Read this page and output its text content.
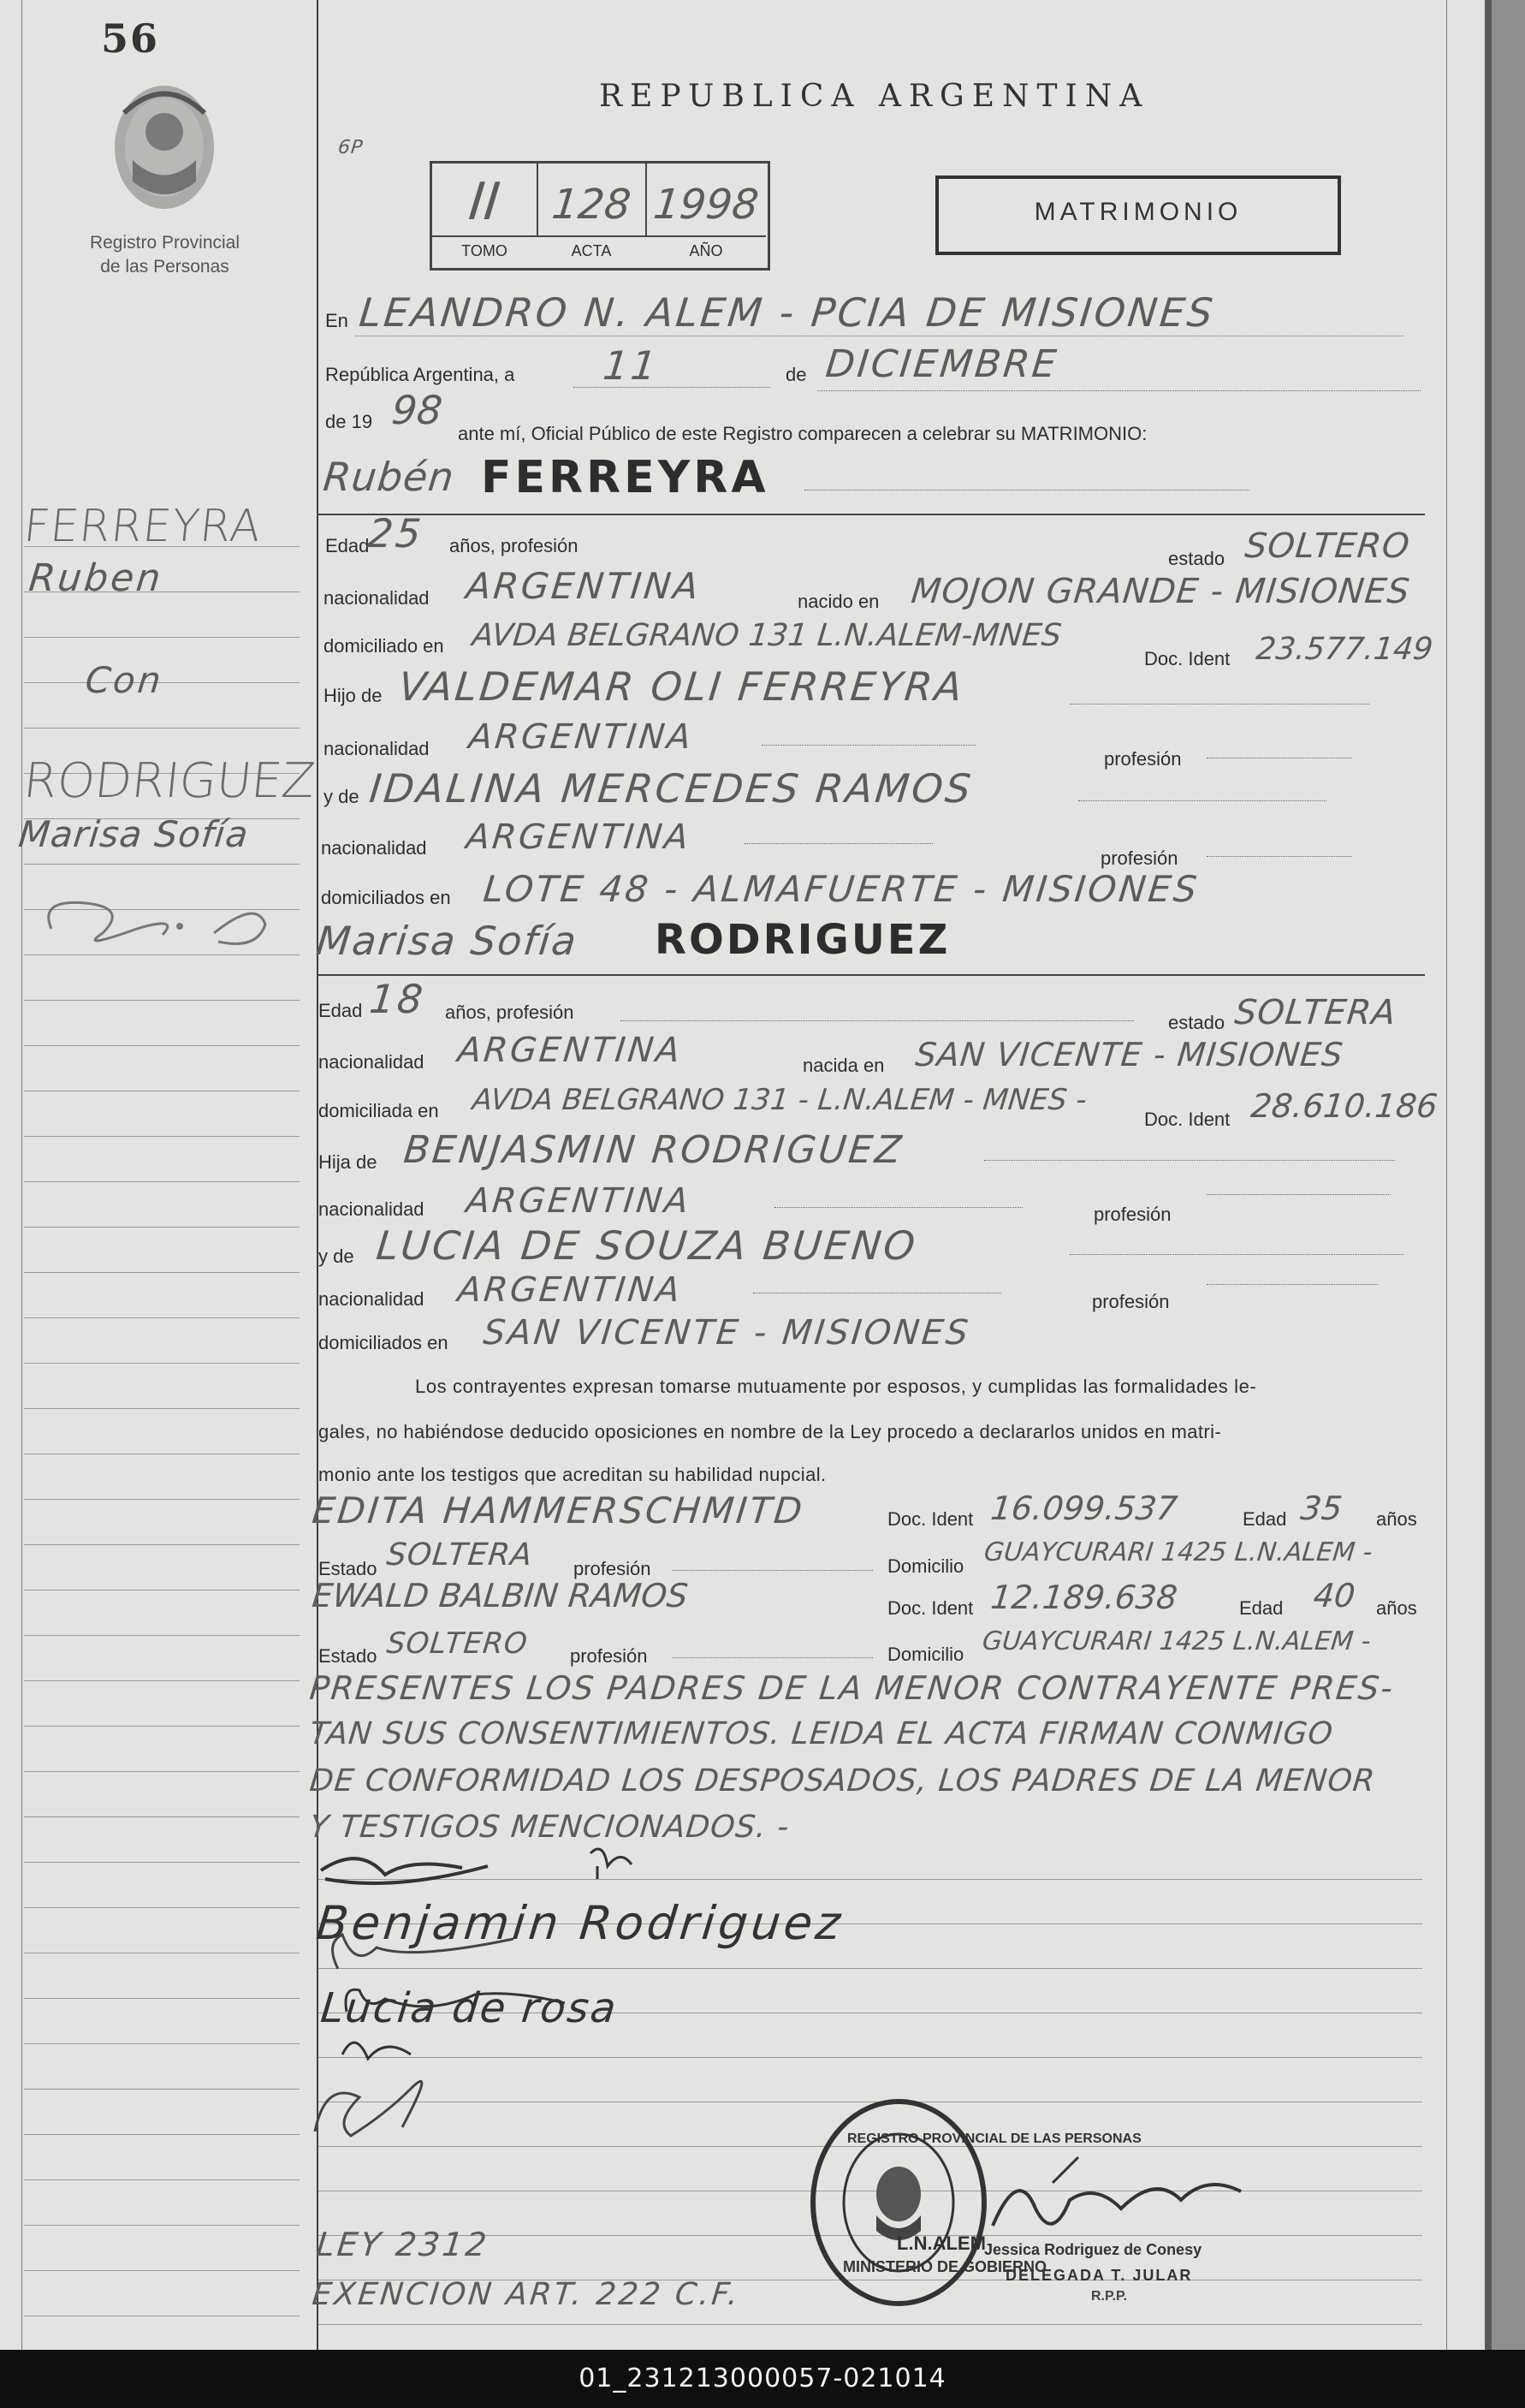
56
Registro Provincial
de las Personas
FERREYRA
Ruben
Con
RODRIGUEZ
Marisa Sofía
REPUBLICA ARGENTINA
6P
II	128 1998
TOMO	ACTA	AÑO
MATRIMONIO
En LEANDRO N. ALEM - PCIA DE MISIONES
República Argentina, a 11	de DICIEMBRE
de 19 98
ante mí, Oficial Público de este Registro comparecen a celebrar su MATRIMONIO:
Rubén FERREYRA
Edad
25 años, profesión
estado SOLTERO
nacionalidad ARGENTINA	nacido en MOJON GRANDE - MISIONES
domiciliado en AVDA BELGRANO 131 L.N.ALEM-MNES
Doc. Ident 23.577.149
Hijo de VALDEMAR OLI FERREYRA
nacionalidad ARGENTINA
profesión
y de IDALINA MERCEDES RAMOS
nacionalidad ARGENTINA
profesión
domiciliados en LOTE 48 - ALMAFUERTE - MISIONES
Marisa Sofía RODRIGUEZ
Edad 18 años, profesión	estado SOLTERA
nacionalidad ARGENTINA	nacida en SAN VICENTE - MISIONES
domiciliada en AVDA BELGRANO 131 - L.N.ALEM - MNES -
Doc. Ident 28.610.186
Hija de BENJASMIN RODRIGUEZ
nacionalidad ARGENTINA	profesión
y de LUCIA DE SOUZA BUENO
nacionalidad ARGENTINA	profesión
domiciliados en SAN VICENTE - MISIONES
Los contrayentes expresan tomarse mutuamente por esposos, y cumplidas las formalidades le-
gales, no habiéndose deducido oposiciones en nombre de la Ley procedo a declararlos unidos en matri-
monio ante los testigos que acreditan su habilidad nupcial.
EDITA HAMMERSCHMITD	Doc. Ident 16.099.537	Edad 35 años
Estado SOLTERA profesión	Domicilio GUAYCURARI 1425 L.N.ALEM -
EWALD BALBIN RAMOS	Doc. Ident 12.189.638	Edad 40 años
Estado SOLTERO profesión	Domicilio GUAYCURARI 1425 L.N.ALEM -
PRESENTES LOS PADRES DE LA MENOR CONTRAYENTE PRES-
TAN SUS CONSENTIMIENTOS. LEIDA EL ACTA FIRMAN CONMIGO
DE CONFORMIDAD LOS DESPOSADOS, LOS PADRES DE LA MENOR
Y TESTIGOS MENCIONADOS. -
Benjamin Rodriguez
Lucia de rosa
MINISTERIO DE GOBIERNO
REGISTRO PROVINCIAL DE LAS PERSONAS
L.N.ALEM
Jessica Rodriguez de Conesy
DELEGADA T. JULAR
R.P.P.
LEY 2312
EXENCION ART. 222 C.F.
01_231213000057-021014
